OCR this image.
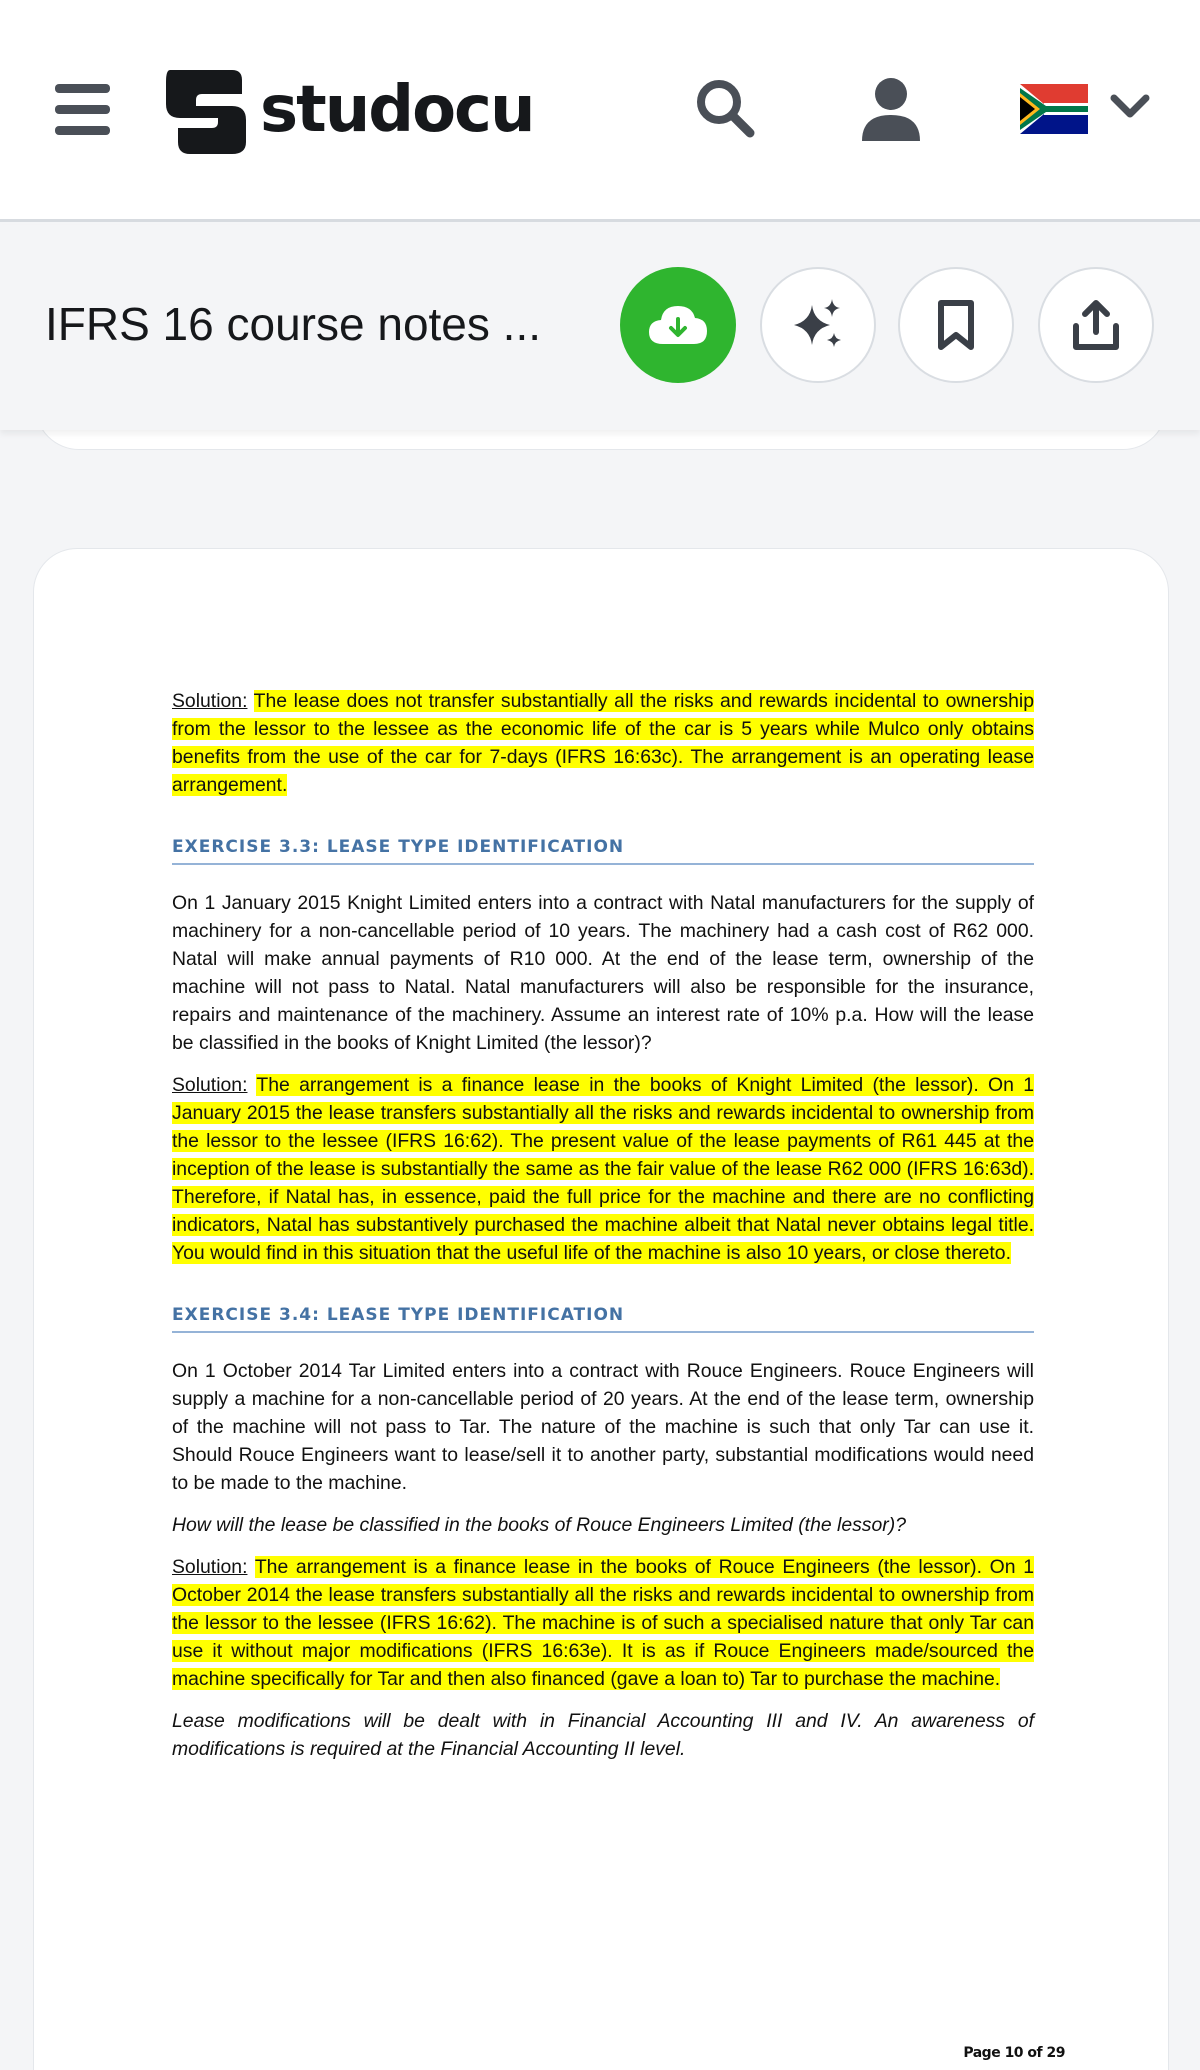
studocu
IFRS 16 course notes ...

Solution: The lease does not transfer substantially all the risks and rewards incidental to ownership from the lessor to the lessee as the economic life of the car is 5 years while Mulco only obtains benefits from the use of the car for 7-days (IFRS 16:63c). The arrangement is an operating lease arrangement.

EXERCISE 3.3: LEASE TYPE IDENTIFICATION

On 1 January 2015 Knight Limited enters into a contract with Natal manufacturers for the supply of machinery for a non-cancellable period of 10 years. The machinery had a cash cost of R62 000. Natal will make annual payments of R10 000. At the end of the lease term, ownership of the machine will not pass to Natal. Natal manufacturers will also be responsible for the insurance, repairs and maintenance of the machinery. Assume an interest rate of 10% p.a. How will the lease be classified in the books of Knight Limited (the lessor)?

Solution: The arrangement is a finance lease in the books of Knight Limited (the lessor). On 1 January 2015 the lease transfers substantially all the risks and rewards incidental to ownership from the lessor to the lessee (IFRS 16:62). The present value of the lease payments of R61 445 at the inception of the lease is substantially the same as the fair value of the lease R62 000 (IFRS 16:63d). Therefore, if Natal has, in essence, paid the full price for the machine and there are no conflicting indicators, Natal has substantively purchased the machine albeit that Natal never obtains legal title. You would find in this situation that the useful life of the machine is also 10 years, or close thereto.

EXERCISE 3.4: LEASE TYPE IDENTIFICATION

On 1 October 2014 Tar Limited enters into a contract with Rouce Engineers. Rouce Engineers will supply a machine for a non-cancellable period of 20 years. At the end of the lease term, ownership of the machine will not pass to Tar. The nature of the machine is such that only Tar can use it. Should Rouce Engineers want to lease/sell it to another party, substantial modifications would need to be made to the machine.

How will the lease be classified in the books of Rouce Engineers Limited (the lessor)?

Solution: The arrangement is a finance lease in the books of Rouce Engineers (the lessor). On 1 October 2014 the lease transfers substantially all the risks and rewards incidental to ownership from the lessor to the lessee (IFRS 16:62). The machine is of such a specialised nature that only Tar can use it without major modifications (IFRS 16:63e). It is as if Rouce Engineers made/sourced the machine specifically for Tar and then also financed (gave a loan to) Tar to purchase the machine.

Lease modifications will be dealt with in Financial Accounting III and IV. An awareness of modifications is required at the Financial Accounting II level.

Page 10 of 29
